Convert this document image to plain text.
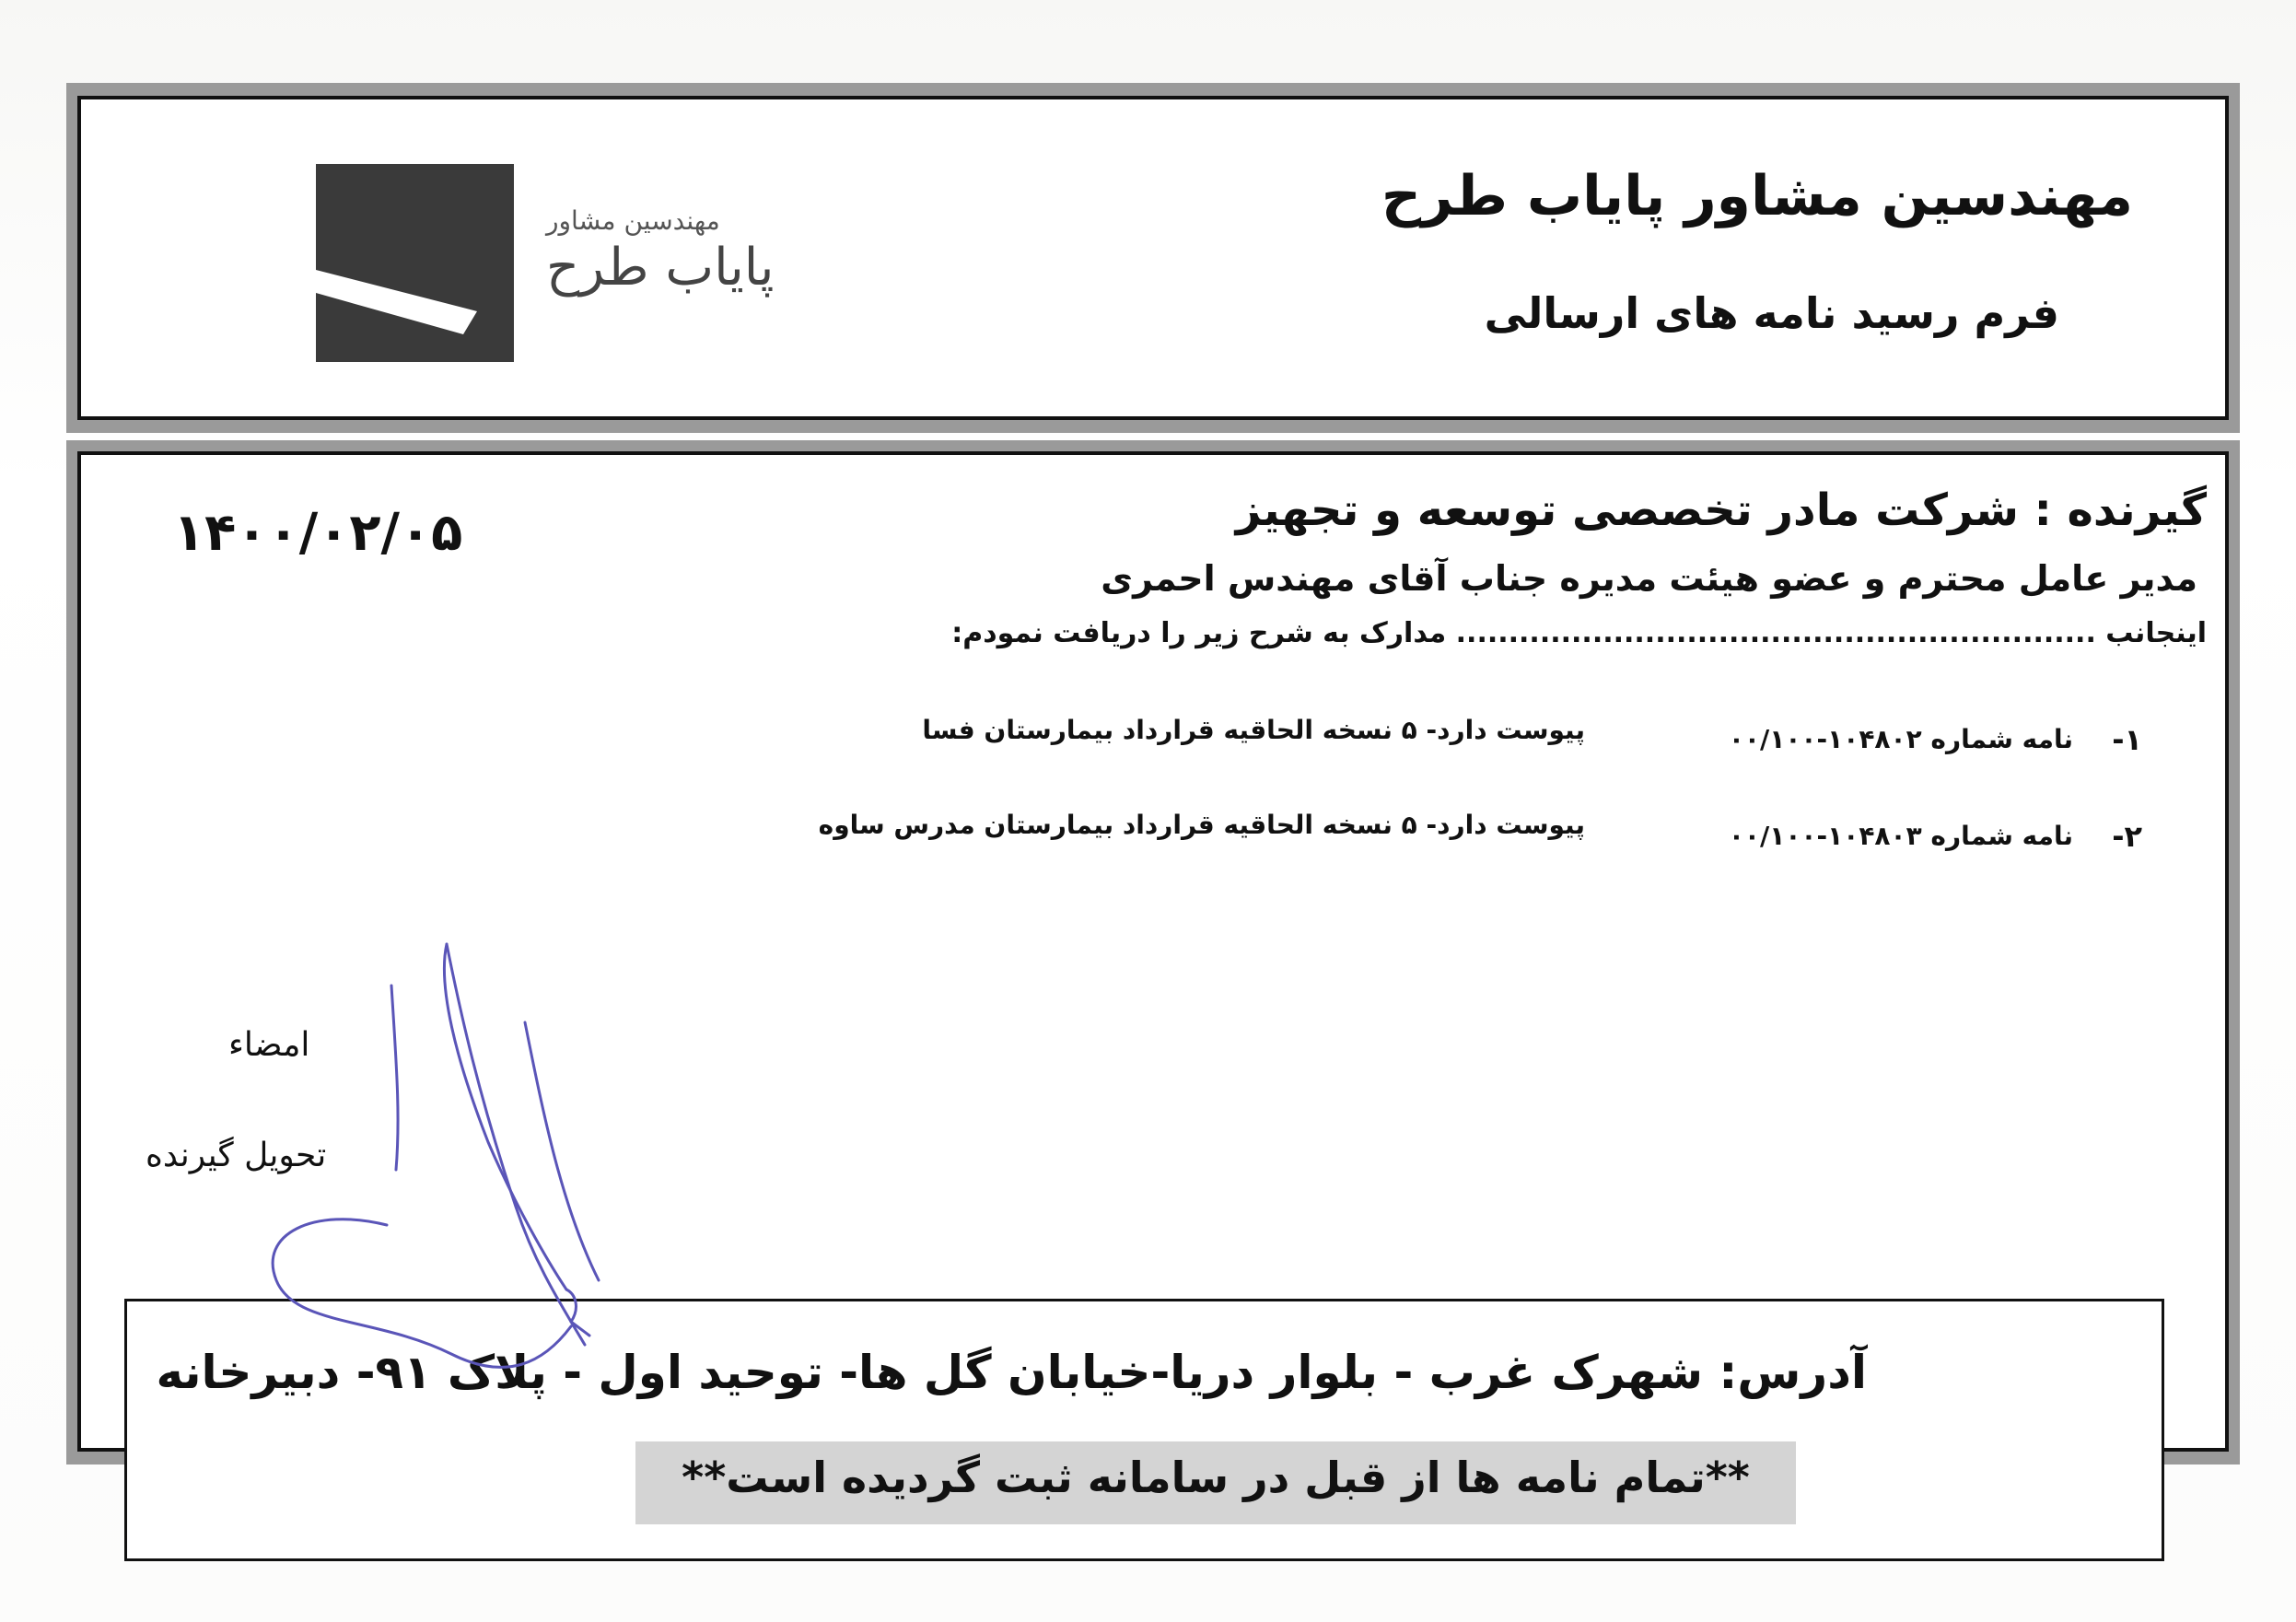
مهندسین مشاور پایاب طرح
فرم رسید نامه های ارسالی
مهندسین مشاور
پایاب طرح
گیرنده : شرکت مادر تخصصی توسعه و تجهیز
۱۴۰۰/۰۲/۰۵
مدیر عامل محترم و عضو هیئت مدیره جناب آقای مهندس احمری
اینجانب ............................................................. مدارک به شرح زیر را دریافت نمودم:
۱-
نامه شماره ۱۰۴۸۰۲-۰۰/۱۰۰
پیوست دارد- ۵ نسخه الحاقیه قرارداد بیمارستان فسا
۲-
نامه شماره ۱۰۴۸۰۳-۰۰/۱۰۰
پیوست دارد- ۵ نسخه الحاقیه قرارداد بیمارستان مدرس ساوه
امضاء
تحویل گیرنده
آدرس: شهرک غرب - بلوار دریا-خیابان گل ها- توحید اول - پلاک ۹۱- دبیرخانه
**تمام نامه ها از قبل در سامانه ثبت گردیده است**
